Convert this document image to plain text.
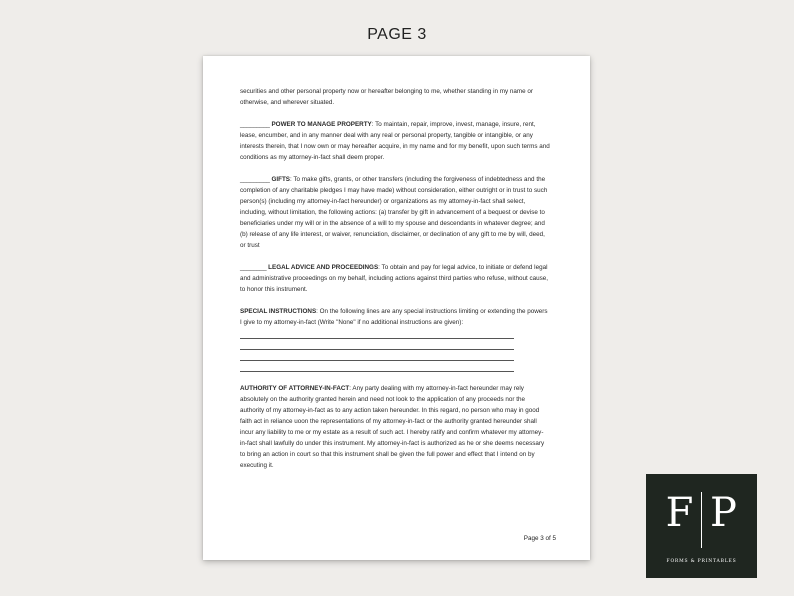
PAGE 3

securities and other personal property now or hereafter belonging to me, whether standing in my name or otherwise, and wherever situated.

_________ POWER TO MANAGE PROPERTY: To maintain, repair, improve, invest, manage, insure, rent, lease, encumber, and in any manner deal with any real or personal property, tangible or intangible, or any interests therein, that I now own or may hereafter acquire, in my name and for my benefit, upon such terms and conditions as my attorney-in-fact shall deem proper.

_________ GIFTS: To make gifts, grants, or other transfers (including the forgiveness of indebtedness and the completion of any charitable pledges I may have made) without consideration, either outright or in trust to such person(s) (including my attorney-in-fact hereunder) or organizations as my attorney-in-fact shall select, including, without limitation, the following actions: (a) transfer by gift in advancement of a bequest or devise to beneficiaries under my will or in the absence of a will to my spouse and descendants in whatever degree; and (b) release of any life interest, or waiver, renunciation, disclaimer, or declination of any gift to me by will, deed, or trust

________ LEGAL ADVICE AND PROCEEDINGS: To obtain and pay for legal advice, to initiate or defend legal and administrative proceedings on my behalf, including actions against third parties who refuse, without cause, to honor this instrument.

SPECIAL INSTRUCTIONS: On the following lines are any special instructions limiting or extending the powers I give to my attorney-in-fact (Write "None" if no additional instructions are given):

AUTHORITY OF ATTORNEY-IN-FACT: Any party dealing with my attorney-in-fact hereunder may rely absolutely on the authority granted herein and need not look to the application of any proceeds nor the authority of my attorney-in-fact as to any action taken hereunder. In this regard, no person who may in good faith act in reliance uoon the representations of my attorney-in-fact or the authority granted hereunder shall incur any liability to me or my estate as a result of such act. I hereby ratify and confirm whatever my attorney-in-fact shall lawfully do under this instrument. My attorney-in-fact is authorized as he or she deems necessary to bring an action in court so that this instrument shall be given the full power and effect that I intend on by executing it.

Page 3 of 5
F P
FORMS & PRINTABLES
